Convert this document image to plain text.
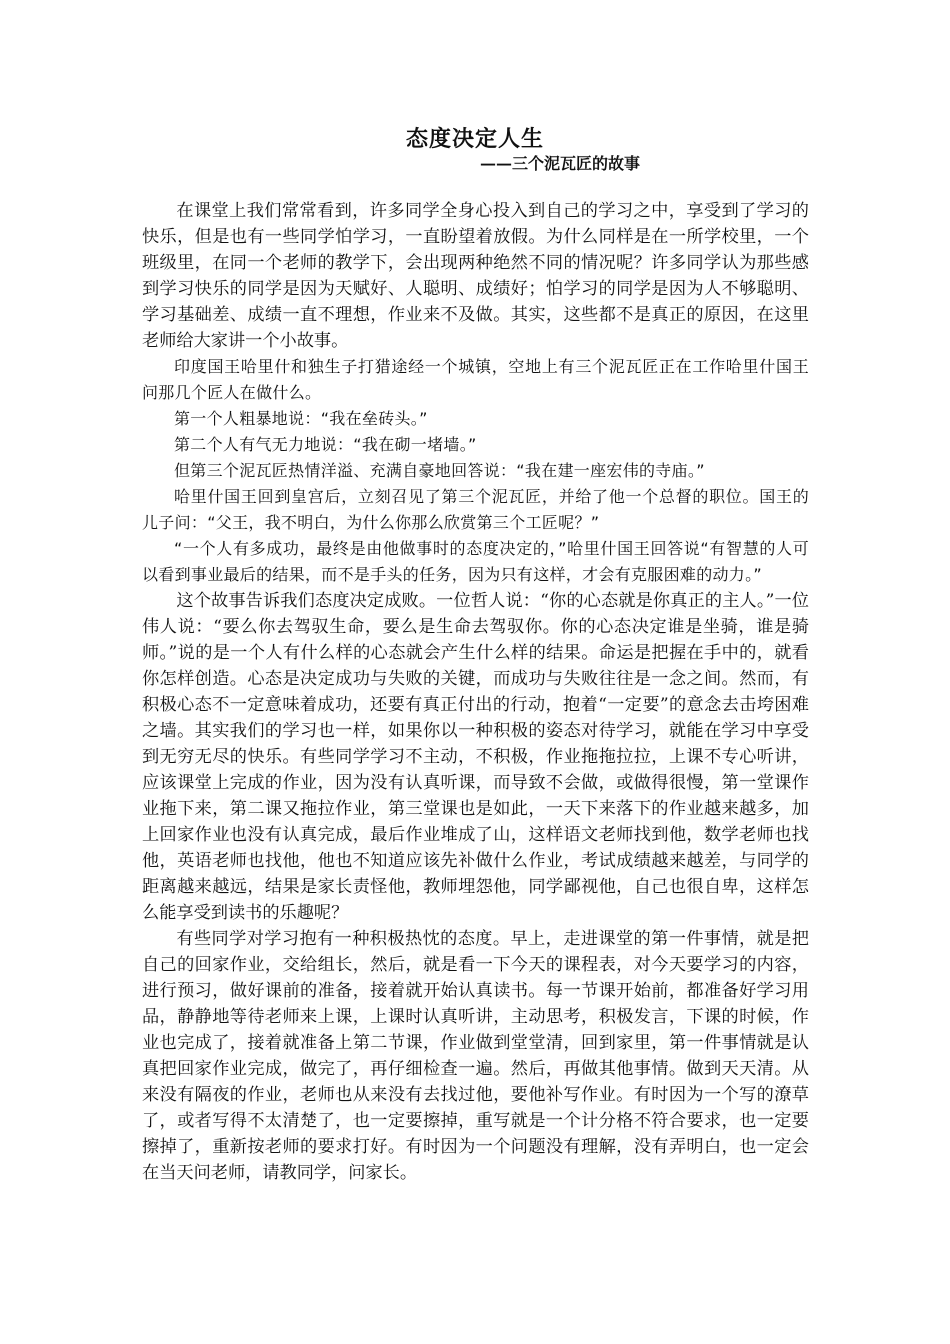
态度决定人生
——三个泥瓦匠的故事

在课堂上我们常常看到，许多同学全身心投入到自己的学习之中，享受到了学习的快乐，但是也有一些同学怕学习，一直盼望着放假。为什么同样是在一所学校里，一个班级里，在同一个老师的教学下，会出现两种绝然不同的情况呢？许多同学认为那些感到学习快乐的同学是因为天赋好、人聪明、成绩好；怕学习的同学是因为人不够聪明、学习基础差、成绩一直不理想，作业来不及做。其实，这些都不是真正的原因，在这里老师给大家讲一个小故事。

印度国王哈里什和独生子打猎途经一个城镇，空地上有三个泥瓦匠正在工作哈里什国王问那几个匠人在做什么。

第一个人粗暴地说：“我在垒砖头。”

第二个人有气无力地说：“我在砌一堵墙。”

但第三个泥瓦匠热情洋溢、充满自豪地回答说：“我在建一座宏伟的寺庙。”

哈里什国王回到皇宫后，立刻召见了第三个泥瓦匠，并给了他一个总督的职位。国王的儿子问：“父王，我不明白，为什么你那么欣赏第三个工匠呢？”

“一个人有多成功，最终是由他做事时的态度决定的，”哈里什国王回答说“有智慧的人可以看到事业最后的结果，而不是手头的任务，因为只有这样，才会有克服困难的动力。”

这个故事告诉我们态度决定成败。一位哲人说：“你的心态就是你真正的主人。”一位伟人说：“要么你去驾驭生命，要么是生命去驾驭你。你的心态决定谁是坐骑，谁是骑师。”说的是一个人有什么样的心态就会产生什么样的结果。命运是把握在手中的，就看你怎样创造。心态是决定成功与失败的关键，而成功与失败往往是一念之间。然而，有积极心态不一定意味着成功，还要有真正付出的行动，抱着“一定要”的意念去击垮困难之墙。其实我们的学习也一样，如果你以一种积极的姿态对待学习，就能在学习中享受到无穷无尽的快乐。有些同学学习不主动，不积极，作业拖拖拉拉，上课不专心听讲，应该课堂上完成的作业，因为没有认真听课，而导致不会做，或做得很慢，第一堂课作业拖下来，第二课又拖拉作业，第三堂课也是如此，一天下来落下的作业越来越多，加上回家作业也没有认真完成，最后作业堆成了山，这样语文老师找到他，数学老师也找他，英语老师也找他，他也不知道应该先补做什么作业，考试成绩越来越差，与同学的距离越来越远，结果是家长责怪他，教师埋怨他，同学鄙视他，自己也很自卑，这样怎么能享受到读书的乐趣呢？

有些同学对学习抱有一种积极热忱的态度。早上，走进课堂的第一件事情，就是把自己的回家作业，交给组长，然后，就是看一下今天的课程表，对今天要学习的内容，进行预习，做好课前的准备，接着就开始认真读书。每一节课开始前，都准备好学习用品，静静地等待老师来上课，上课时认真听讲，主动思考，积极发言，下课的时候，作业也完成了，接着就准备上第二节课，作业做到堂堂清，回到家里，第一件事情就是认真把回家作业完成，做完了，再仔细检查一遍。然后，再做其他事情。做到天天清。从来没有隔夜的作业，老师也从来没有去找过他，要他补写作业。有时因为一个写的潦草了，或者写得不太清楚了，也一定要擦掉，重写就是一个计分格不符合要求，也一定要擦掉了，重新按老师的要求打好。有时因为一个问题没有理解，没有弄明白，也一定会在当天问老师，请教同学，问家长。
